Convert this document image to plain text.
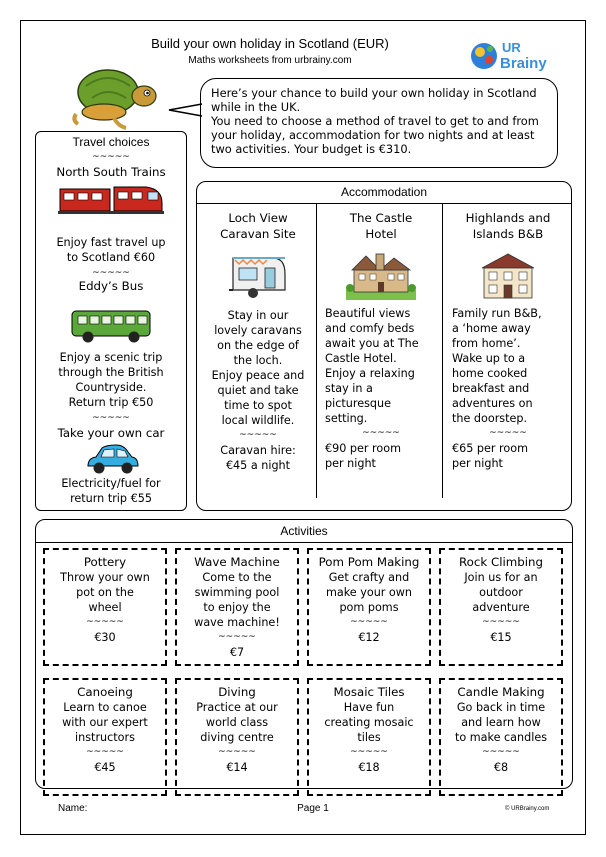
Build your own holiday in Scotland (EUR)
Maths worksheets from urbrainy.com
UR
Brainy
Here’s your chance to build your own holiday in Scotland
while in the UK.
You need to choose a method of travel to get to and from
your holiday, accommodation for two nights and at least
two activities. Your budget is €310.
Travel choices
~~~~~
North South Trains
Enjoy fast travel up
to Scotland €60
~~~~~
Eddy’s Bus
Enjoy a scenic trip
through the British
Countryside.
Return trip €50
~~~~~
Take your own car
Electricity/fuel for
return trip €55
Accommodation
Loch View
Caravan Site
Stay in our
lovely caravans
on the edge of
the loch.
Enjoy peace and
quiet and take
time to spot
local wildlife.
~~~~~
Caravan hire:
€45 a night
The Castle
Hotel
Beautiful views
and comfy beds
await you at The
Castle Hotel.
Enjoy a relaxing
stay in a
picturesque
setting.
~~~~~
€90 per room
per night
Highlands and
Islands B&B
Family run B&B,
a ‘home away
from home’.
Wake up to a
home cooked
breakfast and
adventures on
the doorstep.
~~~~~
€65 per room
per night
Activities
Pottery
Throw your own
pot on the
wheel
~~~~~
€30
Wave Machine
Come to the
swimming pool
to enjoy the
wave machine!
~~~~~
€7
Pom Pom Making
Get crafty and
make your own
pom poms
~~~~~
€12
Rock Climbing
Join us for an
outdoor
adventure
~~~~~
€15
Canoeing
Learn to canoe
with our expert
instructors
~~~~~
€45
Diving
Practice at our
world class
diving centre
~~~~~
€14
Mosaic Tiles
Have fun
creating mosaic
tiles
~~~~~
€18
Candle Making
Go back in time
and learn how
to make candles
~~~~~
€8
Name:	Page 1	© URBrainy.com
